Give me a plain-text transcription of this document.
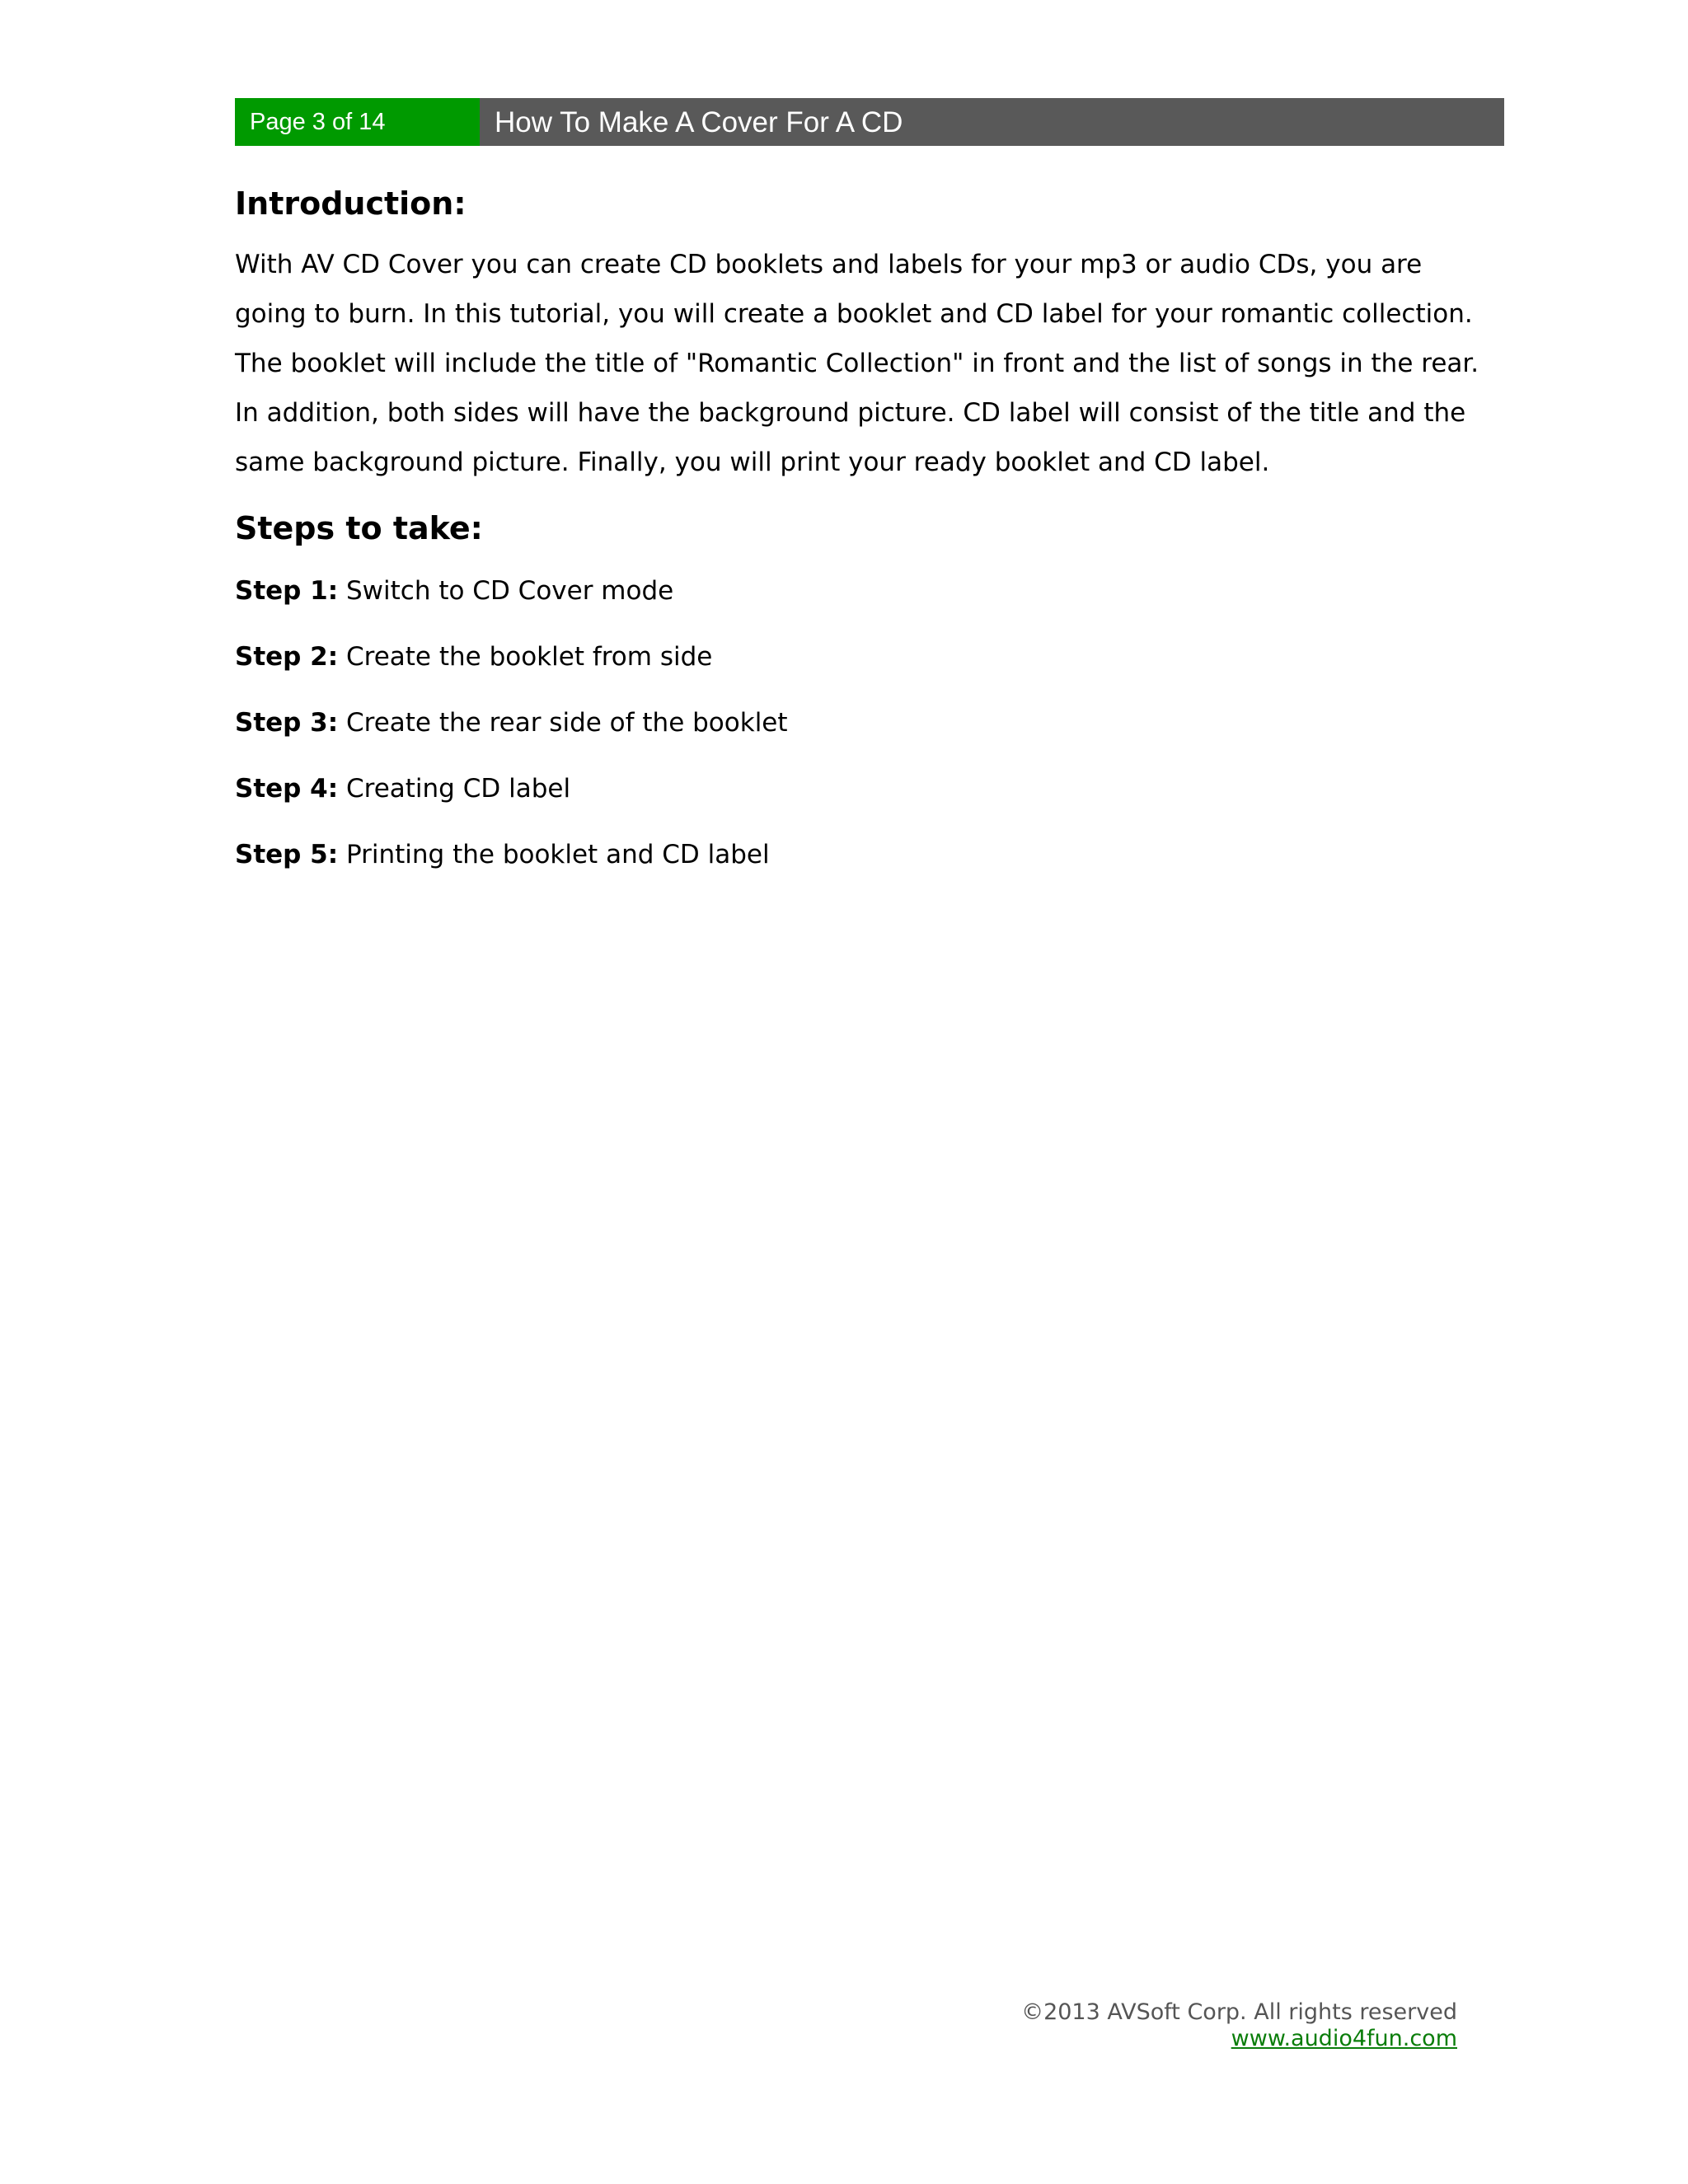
Page 3 of 14	How To Make A Cover For A CD
Introduction:

With AV CD Cover you can create CD booklets and labels for your mp3 or audio CDs, you are going to burn. In this tutorial, you will create a booklet and CD label for your romantic collection. The booklet will include the title of "Romantic Collection" in front and the list of songs in the rear. In addition, both sides will have the background picture. CD label will consist of the title and the same background picture. Finally, you will print your ready booklet and CD label.

Steps to take:
Step 1: Switch to CD Cover mode
Step 2: Create the booklet from side
Step 3: Create the rear side of the booklet
Step 4: Creating CD label
Step 5: Printing the booklet and CD label
©2013 AVSoft Corp. All rights reserved
www.audio4fun.com
